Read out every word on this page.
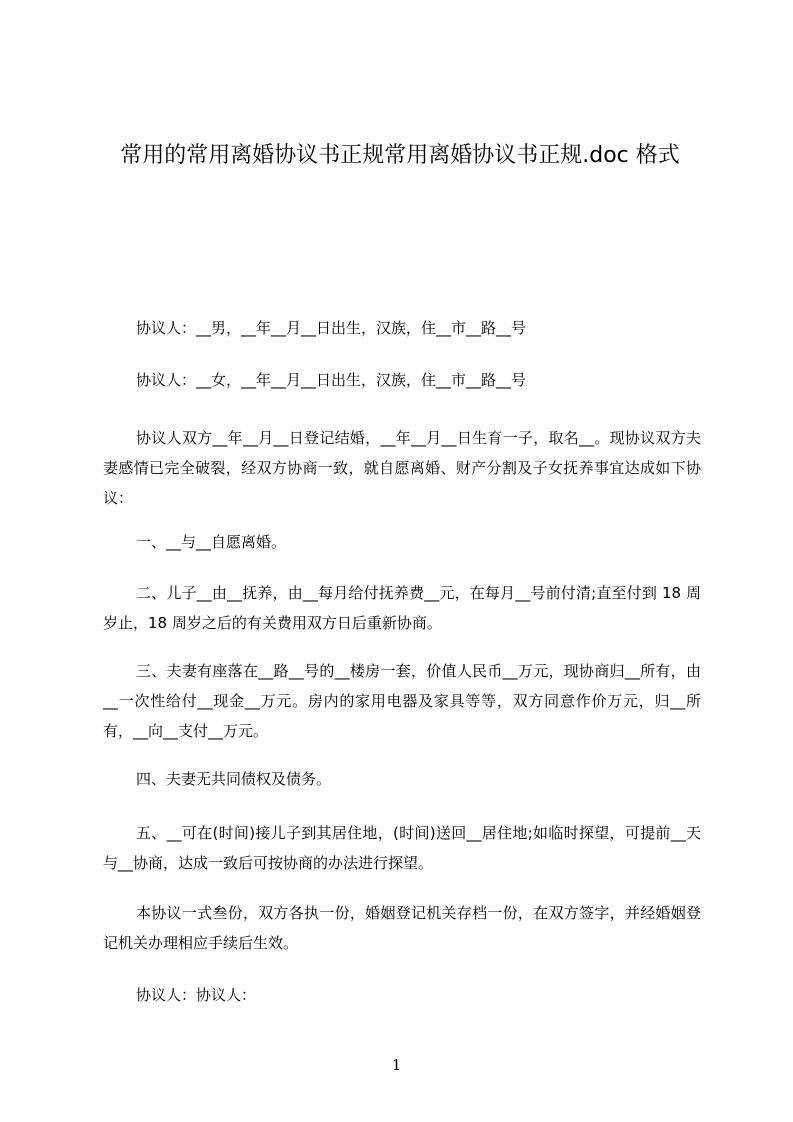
常用的常用离婚协议书正规常用离婚协议书正规.doc 格式

协议人：__男，__年__月__日出生，汉族，住__市__路__号

协议人：__女，__年__月__日出生，汉族，住__市__路__号

协议人双方__年__月__日登记结婚，__年__月__日生育一子，取名__。现协议双方夫妻感情已完全破裂，经双方协商一致，就自愿离婚、财产分割及子女抚养事宜达成如下协议：

一、__与__自愿离婚。

二、儿子__由__抚养，由__每月给付抚养费__元，在每月__号前付清;直至付到 18 周岁止，18 周岁之后的有关费用双方日后重新协商。

三、夫妻有座落在__路__号的__楼房一套，价值人民币__万元，现协商归__所有，由__一次性给付__现金__万元。房内的家用电器及家具等等，双方同意作价万元，归__所有，__向__支付__万元。

四、夫妻无共同债权及债务。

五、__可在(时间)接儿子到其居住地，(时间)送回__居住地;如临时探望，可提前__天与__协商，达成一致后可按协商的办法进行探望。

本协议一式叁份，双方各执一份，婚姻登记机关存档一份，在双方签字，并经婚姻登记机关办理相应手续后生效。

协议人：协议人：

1
